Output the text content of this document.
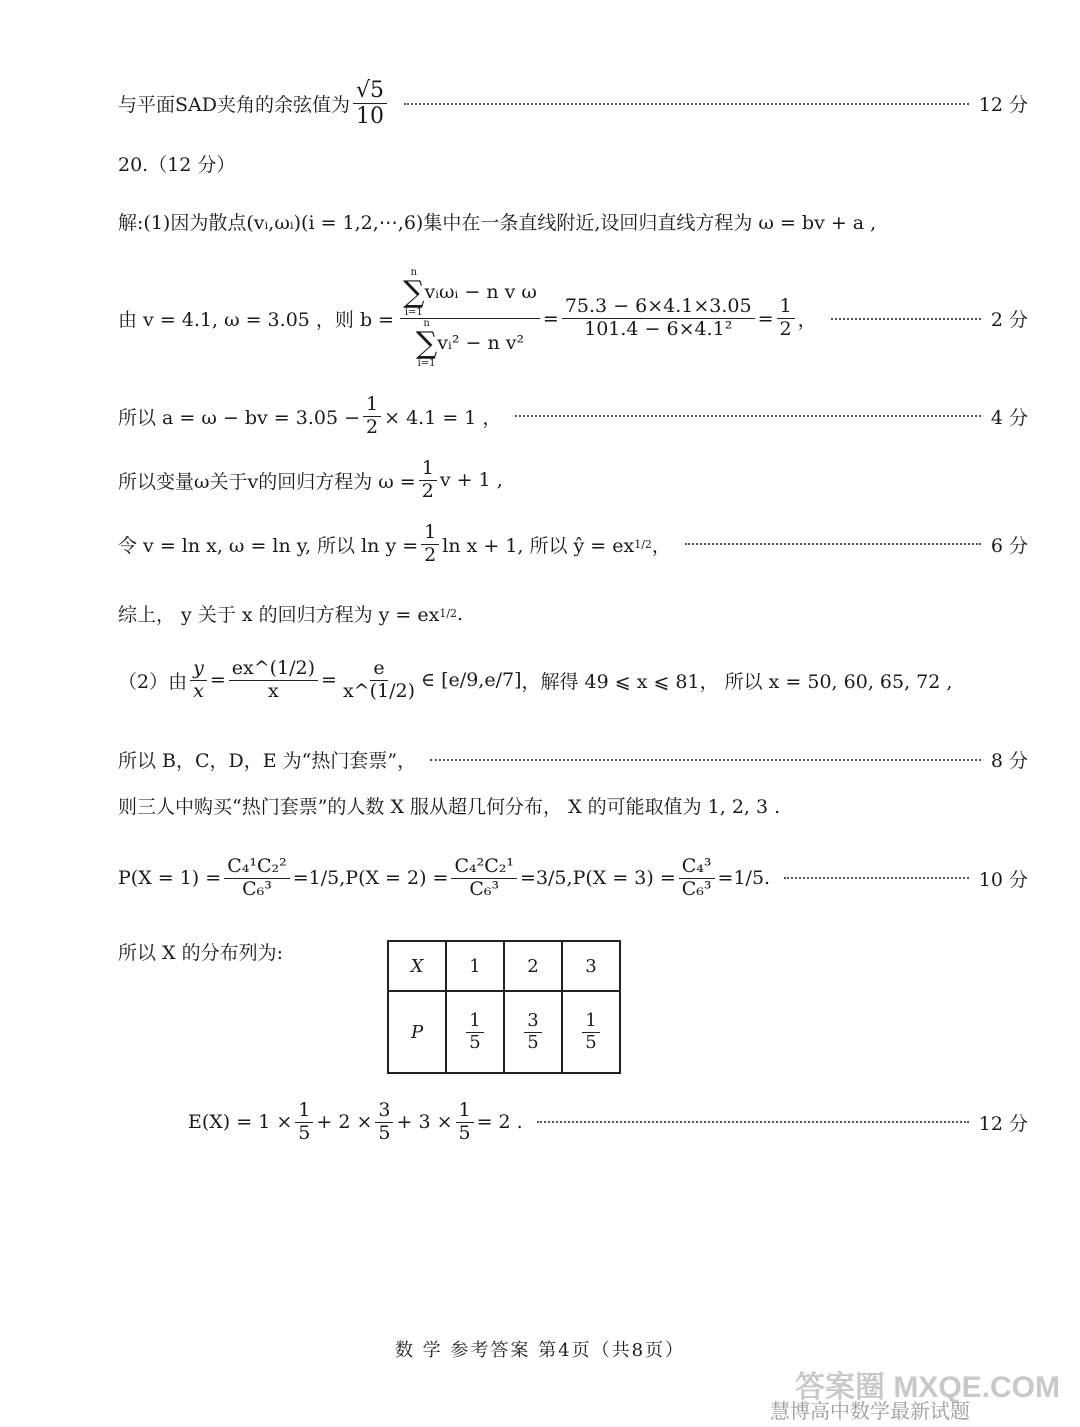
与平面SAD夹角的余弦值为 $\frac{√5}{10}$	12 分
20.（12 分）
解:(1)因为散点(vᵢ,ωᵢ)(i = 1,2,⋯,6)集中在一条直线附近,设回归直线方程为 ω = bv + a ,
由 v = 4.1, ω = 3.05 ，则 b = n
∑
i=1
vᵢωᵢ − n v ω
n
∑
i=1
vᵢ² − n $v^2 = \frac{75.3 - 6\times 4.1\times 3.05}{\text{101.4 − 6×4.1²}} = \frac{1}{2}$ ，	2 分
所以 a = ω − bv = $3.05 - \frac{1}{2} \times 4.1 = 1$ ，	4 分
所以变量ω关于v的回归方程为 $\omega = \frac{1}{2}$ v + 1 ,
令 v = ln x, ω = ln y, 所以 $\ln y = \frac{1}{2}$ ln x + 1, 所以 ŷ = ex 1/2 ，	6 分
综上， y 关于 x 的回归方程为 y = ex 1/2 .
（2）由 $\frac{y}{x} = \frac{ex\^{}(1/2)}{x} = \frac{e}{x\^{}(1/2)}$ ∈ [ e/9 , e/7 ] ，解得 49 ⩽ x ⩽ 81， 所以 x = 50, 60, 65, 72 ,
所以 B，C，D，E 为“热门套票”，	8 分
则三人中购买“热门套票”的人数 X 服从超几何分布， X 的可能取值为 1, 2, 3 .
$P(X = 1) = \frac{\text{C₄¹C₂²}}{\text{C₆³}} = 1/5$ , $P(X = 2) = \frac{\text{C₄²C₂¹}}{\text{C₆³}} = 3/5$ , $P(X = 3) = \frac{\text{C₄³}}{\text{C₆³}} = 1/5$ .	10 分
所以 X 的分布列为:
X	1	2	3
P	$\frac{1}{5}$	$\frac{3}{5}$	$\frac{1}{5}$
$E(X) = 1 \times \frac{1}{5} + 2 \times \frac{3}{5} + 3 \times \frac{1}{5} = 2$ .	12 分
数 学 参考答案 第4页（共8页）
答案圈 MXQE.COM
慧博高中数学最新试题
